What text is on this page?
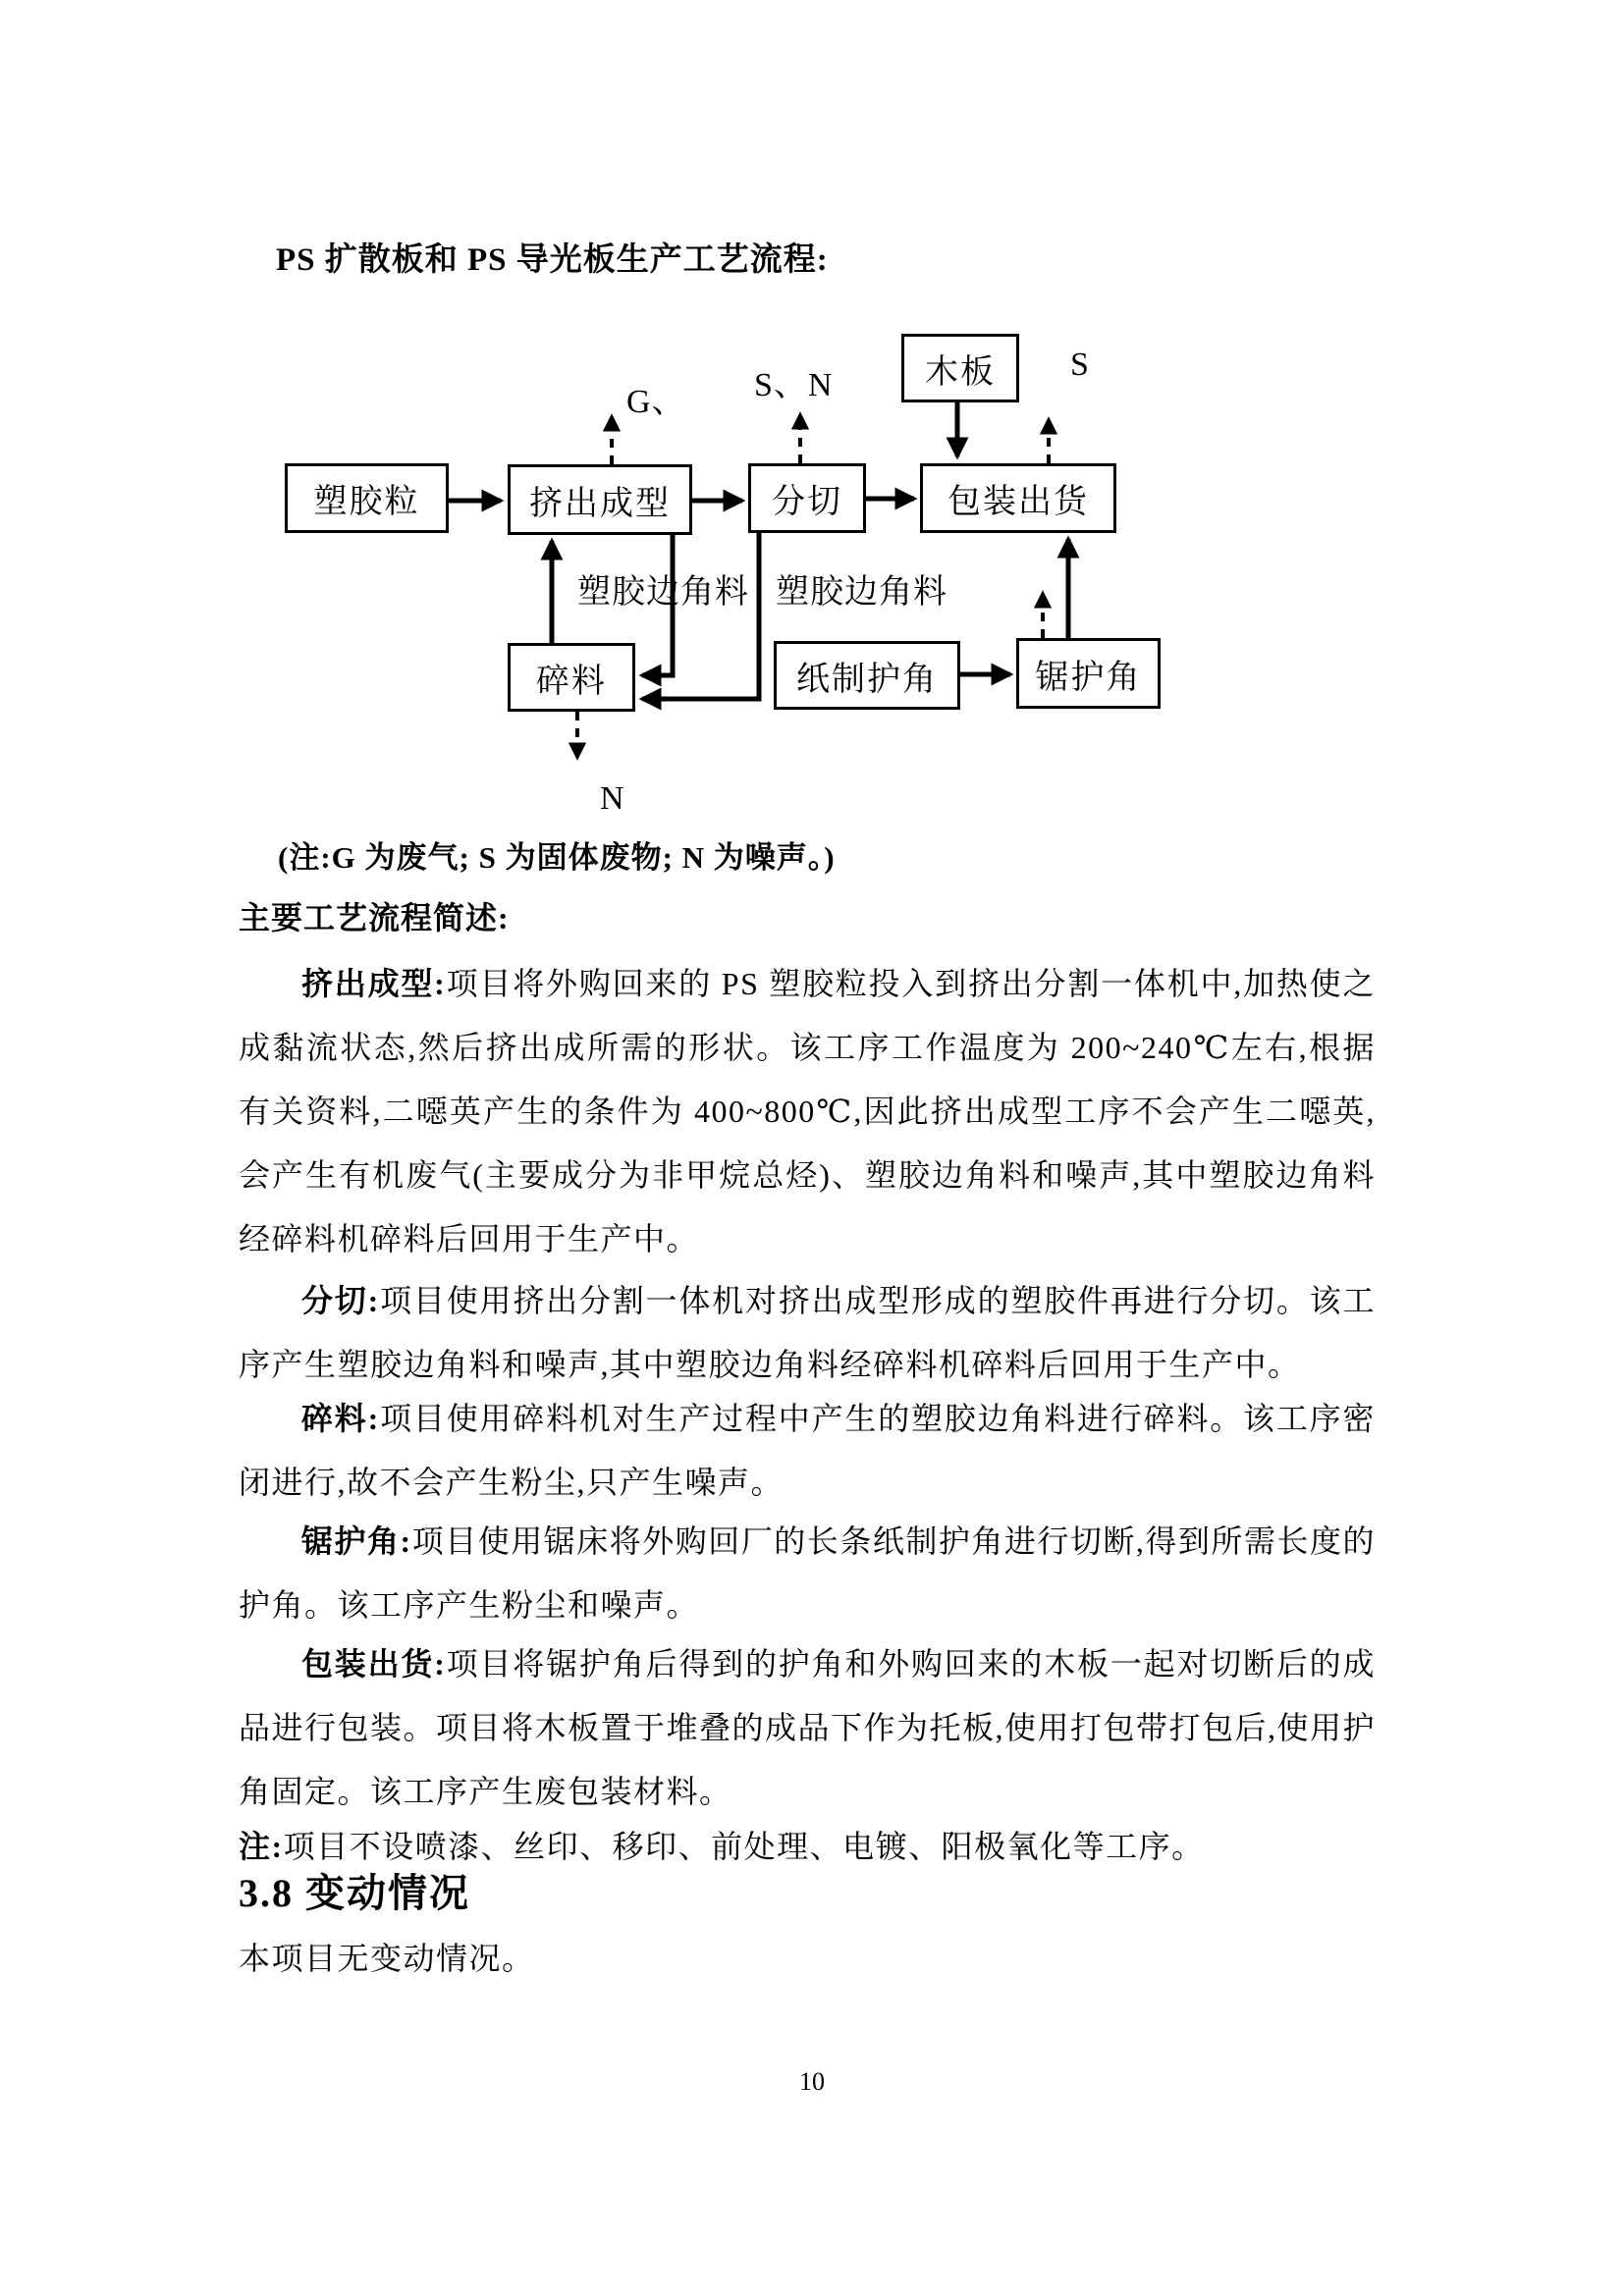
PS 扩散板和 PS 导光板生产工艺流程:
塑胶粒	挤出成型	分切	包装出货
木板
碎料	纸制护角	锯护角
G、 S、N
S
N
塑胶边角料 塑胶边角料
(注:G 为废气; S 为固体废物; N 为噪声。)
主要工艺流程简述:

挤出成型:项目将外购回来的 PS 塑胶粒投入到挤出分割一体机中,加热使之成黏流状态,然后挤出成所需的形状。该工序工作温度为 200~240℃左右,根据有关资料,二噁英产生的条件为 400~800℃,因此挤出成型工序不会产生二噁英,会产生有机废气(主要成分为非甲烷总烃)、塑胶边角料和噪声,其中塑胶边角料经碎料机碎料后回用于生产中。

分切:项目使用挤出分割一体机对挤出成型形成的塑胶件再进行分切。该工序产生塑胶边角料和噪声,其中塑胶边角料经碎料机碎料后回用于生产中。

碎料:项目使用碎料机对生产过程中产生的塑胶边角料进行碎料。该工序密闭进行,故不会产生粉尘,只产生噪声。

锯护角:项目使用锯床将外购回厂的长条纸制护角进行切断,得到所需长度的护角。该工序产生粉尘和噪声。

包装出货:项目将锯护角后得到的护角和外购回来的木板一起对切断后的成品进行包装。项目将木板置于堆叠的成品下作为托板,使用打包带打包后,使用护角固定。该工序产生废包装材料。

注:项目不设喷漆、丝印、移印、前处理、电镀、阳极氧化等工序。
3.8 变动情况
本项目无变动情况。
10
